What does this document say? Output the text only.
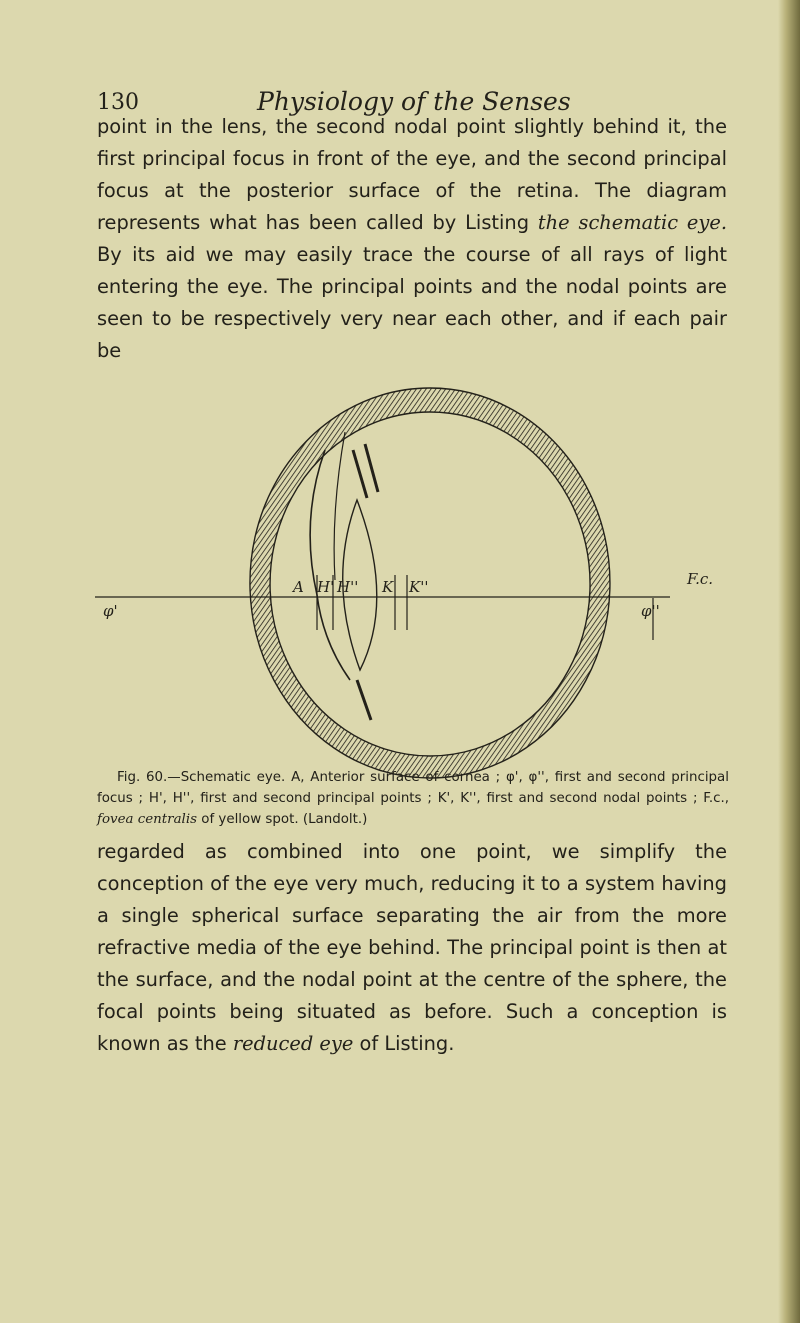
130	Physiology of the Senses

point in the lens, the second nodal point slightly behind it, the first principal focus in front of the eye, and the second principal focus at the posterior surface of the retina. The diagram represents what has been called by Listing the schematic eye. By its aid we may easily trace the course of all rays of light entering the eye. The principal points and the nodal points are seen to be respectively very near each other, and if each pair be

A H' H'' K K''	F.c.
φ'	φ''

Fig. 60.—Schematic eye. A, Anterior surface of cornea ; φ', φ'', first and second principal focus ; H', H'', first and second principal points ; K', K'', first and second nodal points ; F.c., fovea centralis of yellow spot. (Landolt.)

regarded as combined into one point, we simplify the conception of the eye very much, reducing it to a system having a single spherical surface separating the air from the more refractive media of the eye behind. The principal point is then at the surface, and the nodal point at the centre of the sphere, the focal points being situated as before. Such a conception is known as the reduced eye of Listing.
